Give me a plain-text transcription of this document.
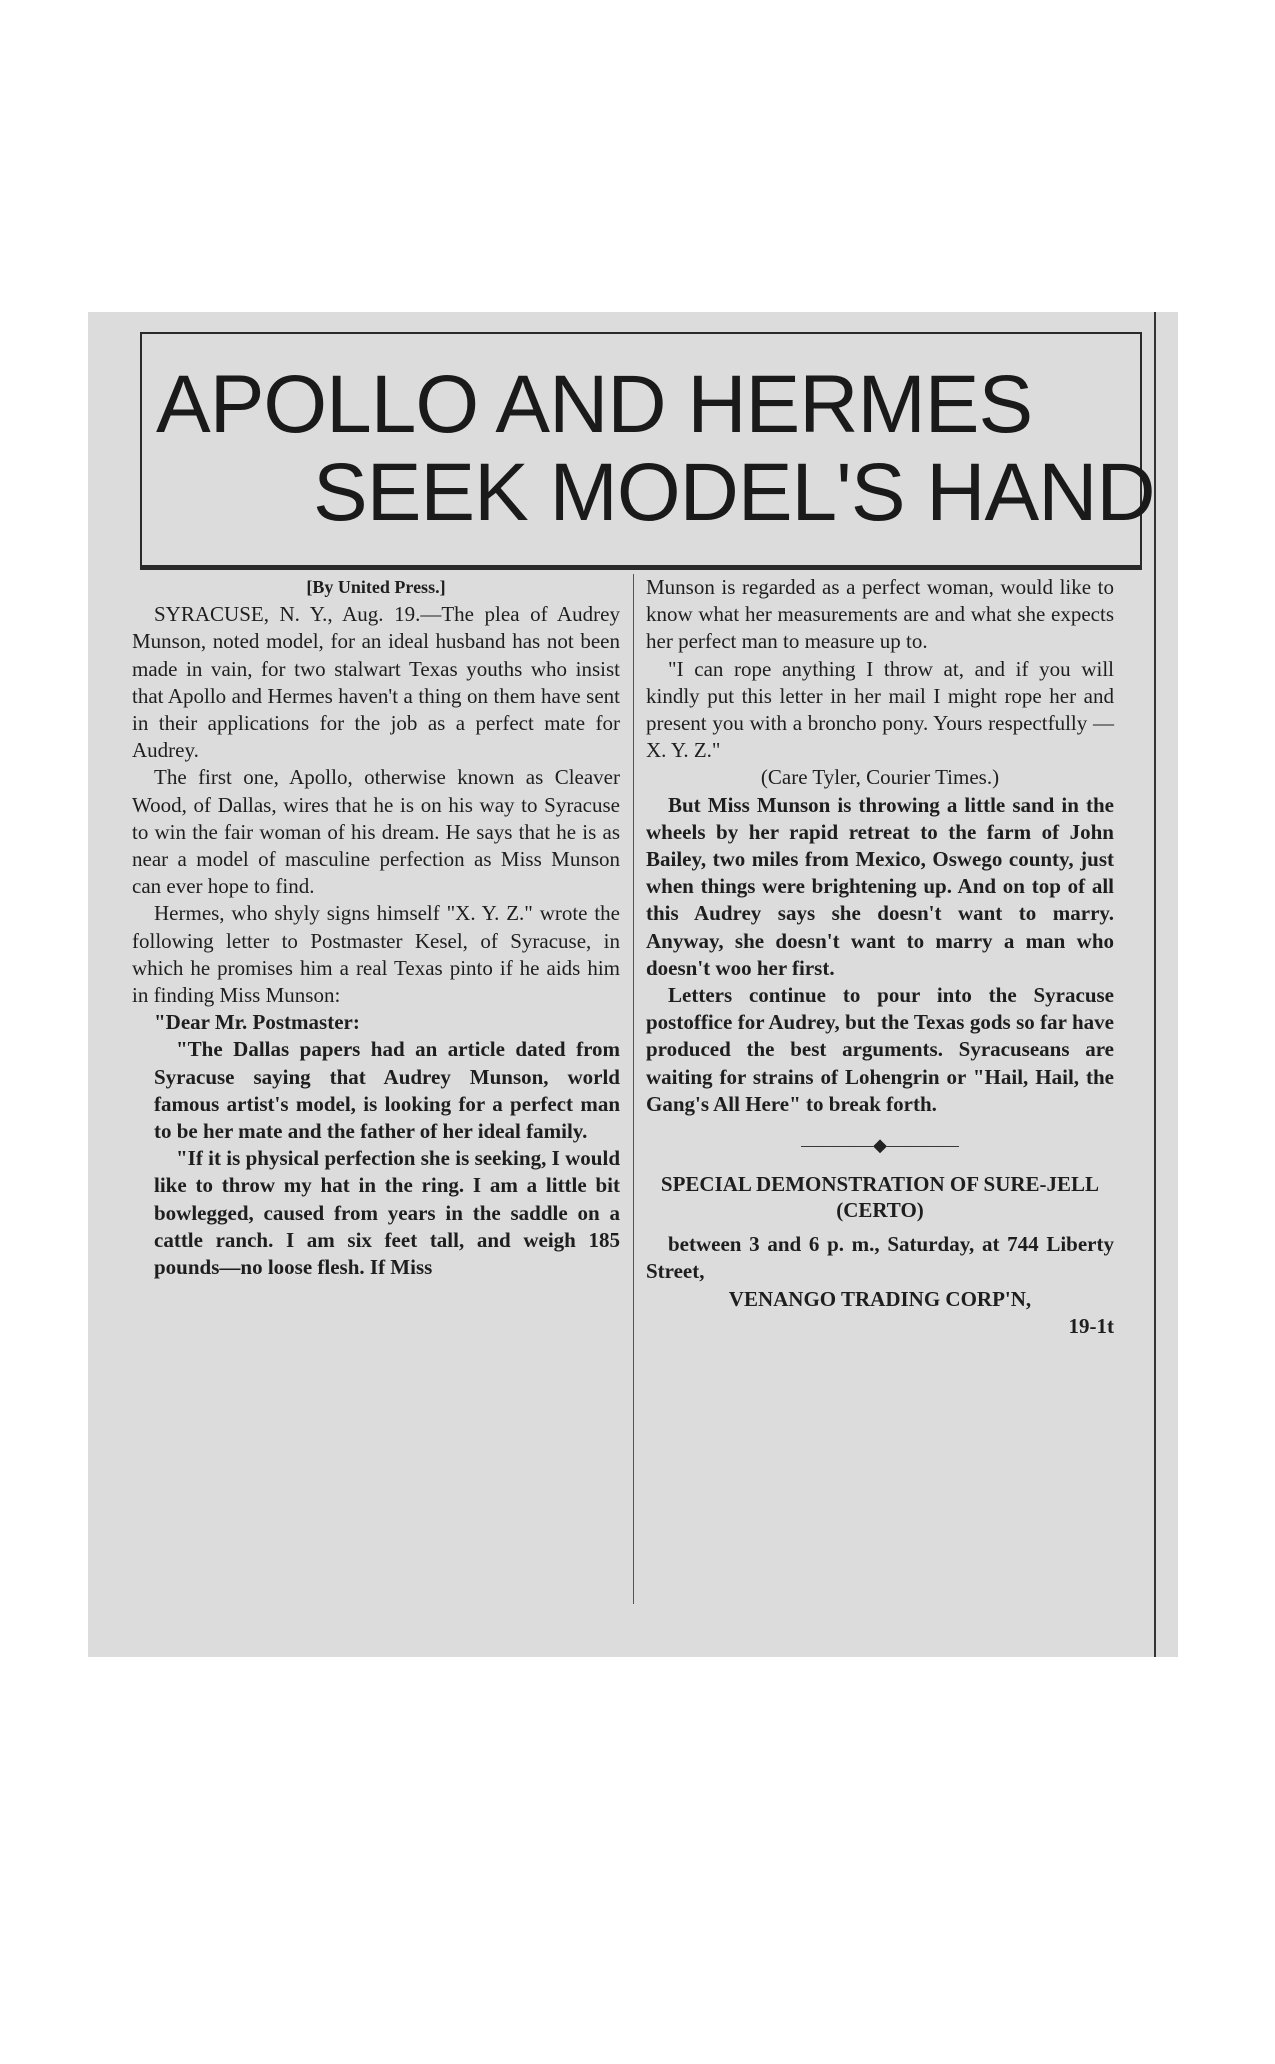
APOLLO AND HERMES
SEEK MODEL'S HAND

[By United Press.]

SYRACUSE, N. Y., Aug. 19.—The plea of Audrey Munson, noted model, for an ideal husband has not been made in vain, for two stalwart Texas youths who insist that Apollo and Hermes haven't a thing on them have sent in their applications for the job as a perfect mate for Audrey.

The first one, Apollo, otherwise known as Cleaver Wood, of Dallas, wires that he is on his way to Syracuse to win the fair woman of his dream. He says that he is as near a model of masculine perfection as Miss Munson can ever hope to find.

Hermes, who shyly signs himself "X. Y. Z." wrote the following letter to Postmaster Kesel, of Syracuse, in which he promises him a real Texas pinto if he aids him in finding Miss Munson:

"Dear Mr. Postmaster:

"The Dallas papers had an article dated from Syracuse saying that Audrey Munson, world famous artist's model, is looking for a perfect man to be her mate and the father of her ideal family.

"If it is physical perfection she is seeking, I would like to throw my hat in the ring. I am a little bit bowlegged, caused from years in the saddle on a cattle ranch. I am six feet tall, and weigh 185 pounds—no loose flesh. If Miss

Munson is regarded as a perfect woman, would like to know what her measurements are and what she expects her perfect man to measure up to.

"I can rope anything I throw at, and if you will kindly put this letter in her mail I might rope her and present you with a broncho pony. Yours respectfully — X. Y. Z."

(Care Tyler, Courier Times.)

But Miss Munson is throwing a little sand in the wheels by her rapid retreat to the farm of John Bailey, two miles from Mexico, Oswego county, just when things were brightening up. And on top of all this Audrey says she doesn't want to marry. Anyway, she doesn't want to marry a man who doesn't woo her first.

Letters continue to pour into the Syracuse postoffice for Audrey, but the Texas gods so far have produced the best arguments. Syracuseans are waiting for strains of Lohengrin or "Hail, Hail, the Gang's All Here" to break forth.

————◆————
SPECIAL DEMONSTRATION OF SURE-JELL (CERTO)

between 3 and 6 p. m., Saturday, at 744 Liberty Street,

VENANGO TRADING CORP'N,

19-1t
